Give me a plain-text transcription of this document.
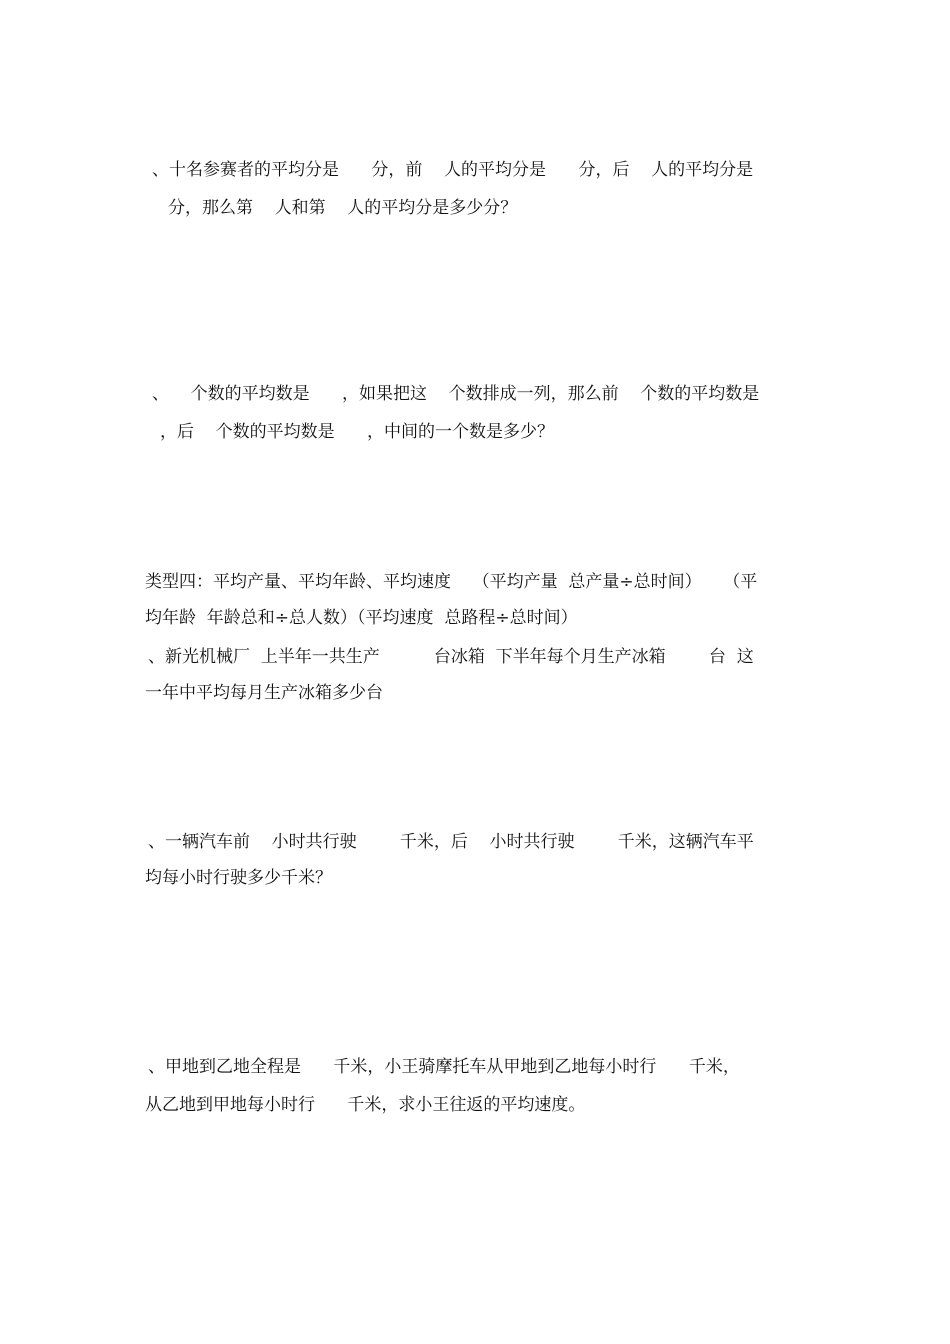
、十名参赛者的平均分是      分，前    人的平均分是      分，后    人的平均分是

分，那么第    人和第    人的平均分是多少分？

、    个数的平均数是      ，如果把这    个数排成一列，那么前    个数的平均数是

，后    个数的平均数是      ，中间的一个数是多少？

类型四：平均产量、平均年龄、平均速度    （平均产量  总产量÷总时间）    （平

均年龄  年龄总和÷总人数）（平均速度  总路程÷总时间）

、新光机械厂  上半年一共生产          台冰箱  下半年每个月生产冰箱        台  这

一年中平均每月生产冰箱多少台

、一辆汽车前    小时共行驶        千米，后    小时共行驶        千米，这辆汽车平

均每小时行驶多少千米？

、甲地到乙地全程是      千米，小王骑摩托车从甲地到乙地每小时行      千米，

从乙地到甲地每小时行      千米，求小王往返的平均速度。
